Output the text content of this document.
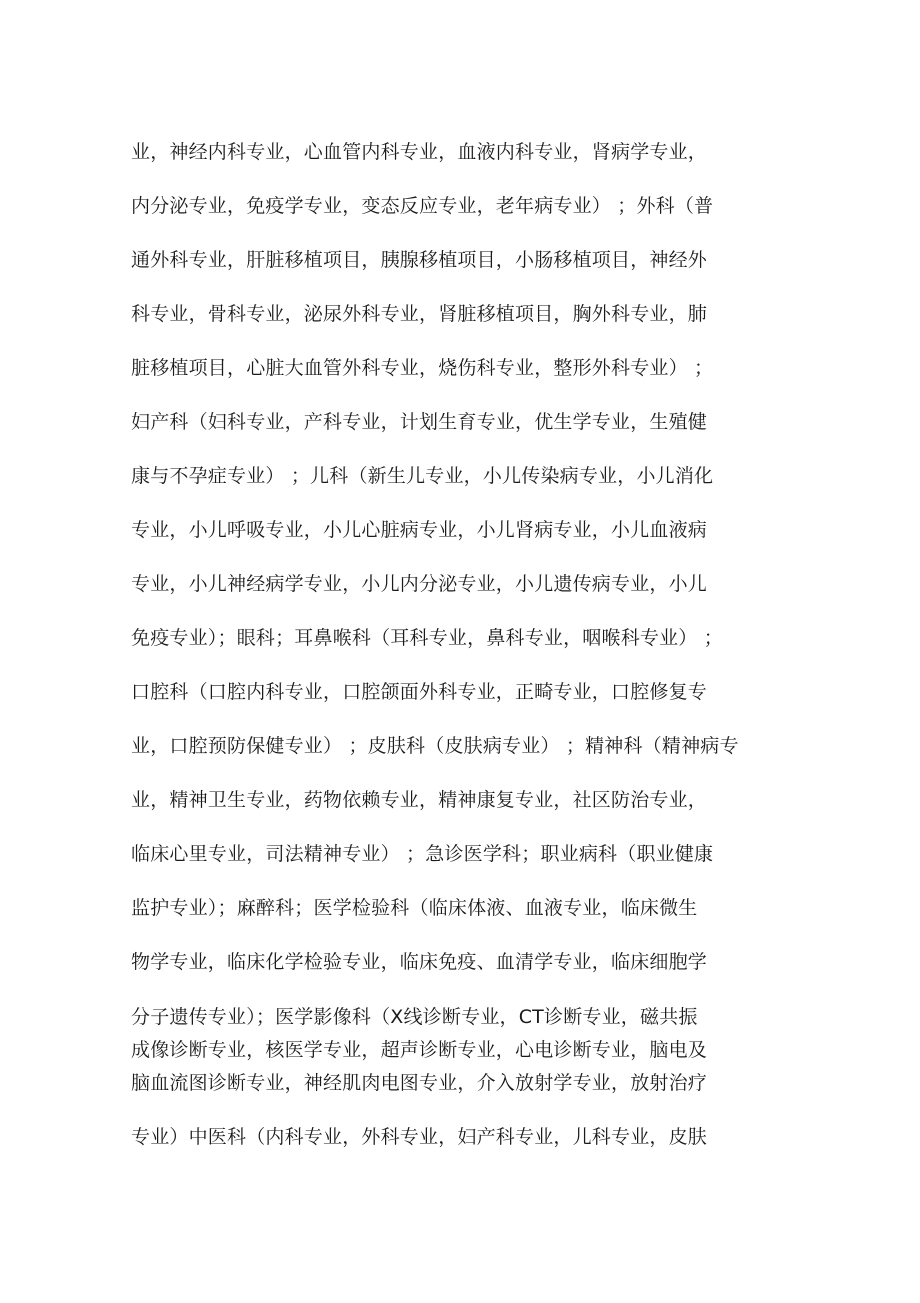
业，神经内科专业，心血管内科专业，血液内科专业，肾病学专业，
内分泌专业，免疫学专业，变态反应专业，老年病专业） ；外科（普
通外科专业，肝脏移植项目，胰腺移植项目，小肠移植项目，神经外
科专业，骨科专业，泌尿外科专业，肾脏移植项目，胸外科专业，肺
脏移植项目，心脏大血管外科专业，烧伤科专业，整形外科专业） ；
妇产科（妇科专业，产科专业，计划生育专业，优生学专业，生殖健
康与不孕症专业） ；儿科（新生儿专业，小儿传染病专业，小儿消化
专业，小儿呼吸专业，小儿心脏病专业，小儿肾病专业，小儿血液病
专业，小儿神经病学专业，小儿内分泌专业，小儿遗传病专业，小儿
免疫专业）；眼科；耳鼻喉科（耳科专业，鼻科专业，咽喉科专业） ；
口腔科（口腔内科专业，口腔颌面外科专业，正畸专业，口腔修复专
业，口腔预防保健专业） ；皮肤科（皮肤病专业） ；精神科（精神病专
业，精神卫生专业，药物依赖专业，精神康复专业，社区防治专业，
临床心里专业，司法精神专业） ；急诊医学科；职业病科（职业健康
监护专业）；麻醉科；医学检验科（临床体液、血液专业，临床微生
物学专业，临床化学检验专业，临床免疫、血清学专业，临床细胞学
分子遗传专业）；医学影像科（X线诊断专业，CT诊断专业，磁共振
成像诊断专业，核医学专业，超声诊断专业，心电诊断专业，脑电及
脑血流图诊断专业，神经肌肉电图专业，介入放射学专业，放射治疗
专业）中医科（内科专业，外科专业，妇产科专业，儿科专业，皮肤
